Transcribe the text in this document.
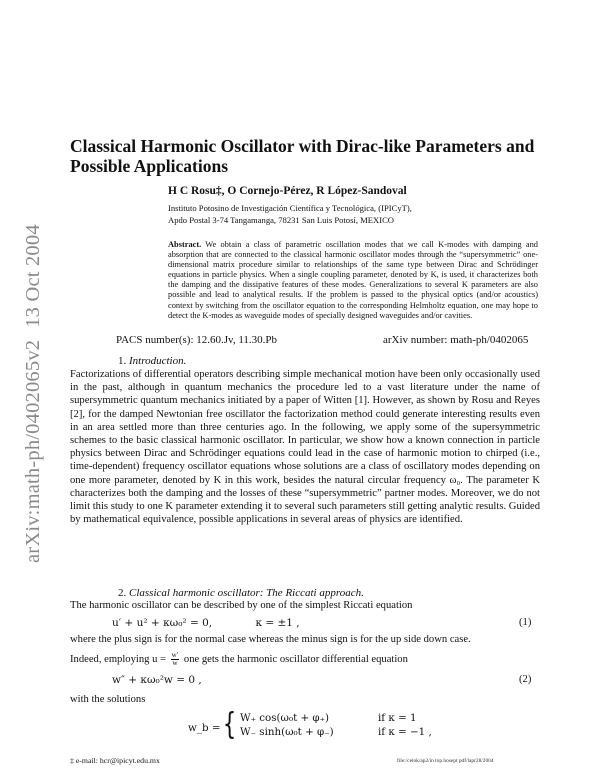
arXiv:math-ph/0402065v213 Oct 2004
Classical Harmonic Oscillator with Dirac-like Parameters and Possible Applications
H C Rosu‡, O Cornejo-Pérez, R López-Sandoval
Instituto Potosino de Investigación Científica y Tecnológica, (IPICyT),
Apdo Postal 3-74 Tangamanga, 78231 San Luis Potosí, MEXICO

Abstract. We obtain a class of parametric oscillation modes that we call K-modes with damping and absorption that are connected to the classical harmonic oscillator modes through the “supersymmetric” one-dimensional matrix procedure similar to relationships of the same type between Dirac and Schrödinger equations in particle physics. When a single coupling parameter, denoted by K, is used, it characterizes both the damping and the dissipative features of these modes. Generalizations to several K parameters are also possible and lead to analytical results. If the problem is passed to the physical optics (and/or acoustics) context by switching from the oscillator equation to the corresponding Helmholtz equation, one may hope to detect the K-modes as waveguide modes of specially designed waveguides and/or cavities.

PACS number(s): 12.60.Jv, 11.30.Pb	arXiv number: math-ph/0402065
1. Introduction.

Factorizations of differential operators describing simple mechanical motion have been only occasionally used in the past, although in quantum mechanics the procedure led to a vast literature under the name of supersymmetric quantum mechanics initiated by a paper of Witten [1]. However, as shown by Rosu and Reyes [2], for the damped Newtonian free oscillator the factorization method could generate interesting results even in an area settled more than three centuries ago. In the following, we apply some of the supersymmetric schemes to the basic classical harmonic oscillator. In particular, we show how a known connection in particle physics between Dirac and Schrödinger equations could lead in the case of harmonic motion to chirped (i.e., time-dependent) frequency oscillator equations whose solutions are a class of oscillatory modes depending on one more parameter, denoted by K in this work, besides the natural circular frequency ω₀. The parameter K characterizes both the damping and the losses of these “supersymmetric” partner modes. Moreover, we do not limit this study to one K parameter extending it to several such parameters still getting analytic results. Guided by mathematical equivalence, possible applications in several areas of physics are identified.

2. Classical harmonic oscillator: The Riccati approach.
The harmonic oscillator can be described by one of the simplest Riccati equation
u′ + u² + κω₀² = 0,	κ = ±1 ,	(1)
where the plus sign is for the normal case whereas the minus sign is for the up side down case.
Indeed, employing $u = \frac{w'}{w}$ one gets the harmonic oscillator differential equation
w″ + κω₀²w = 0 ,	(2)
with the solutions
w_b = { W₊ cos(ω₀t + φ₊)	if κ = 1
W₋ sinh(ω₀t + φ₋)	if κ = −1 ,
‡ e-mail: hcr@ipicyt.edu.mx	file:/celok/ap2/in top.hosept pdf/lapr28/2004
